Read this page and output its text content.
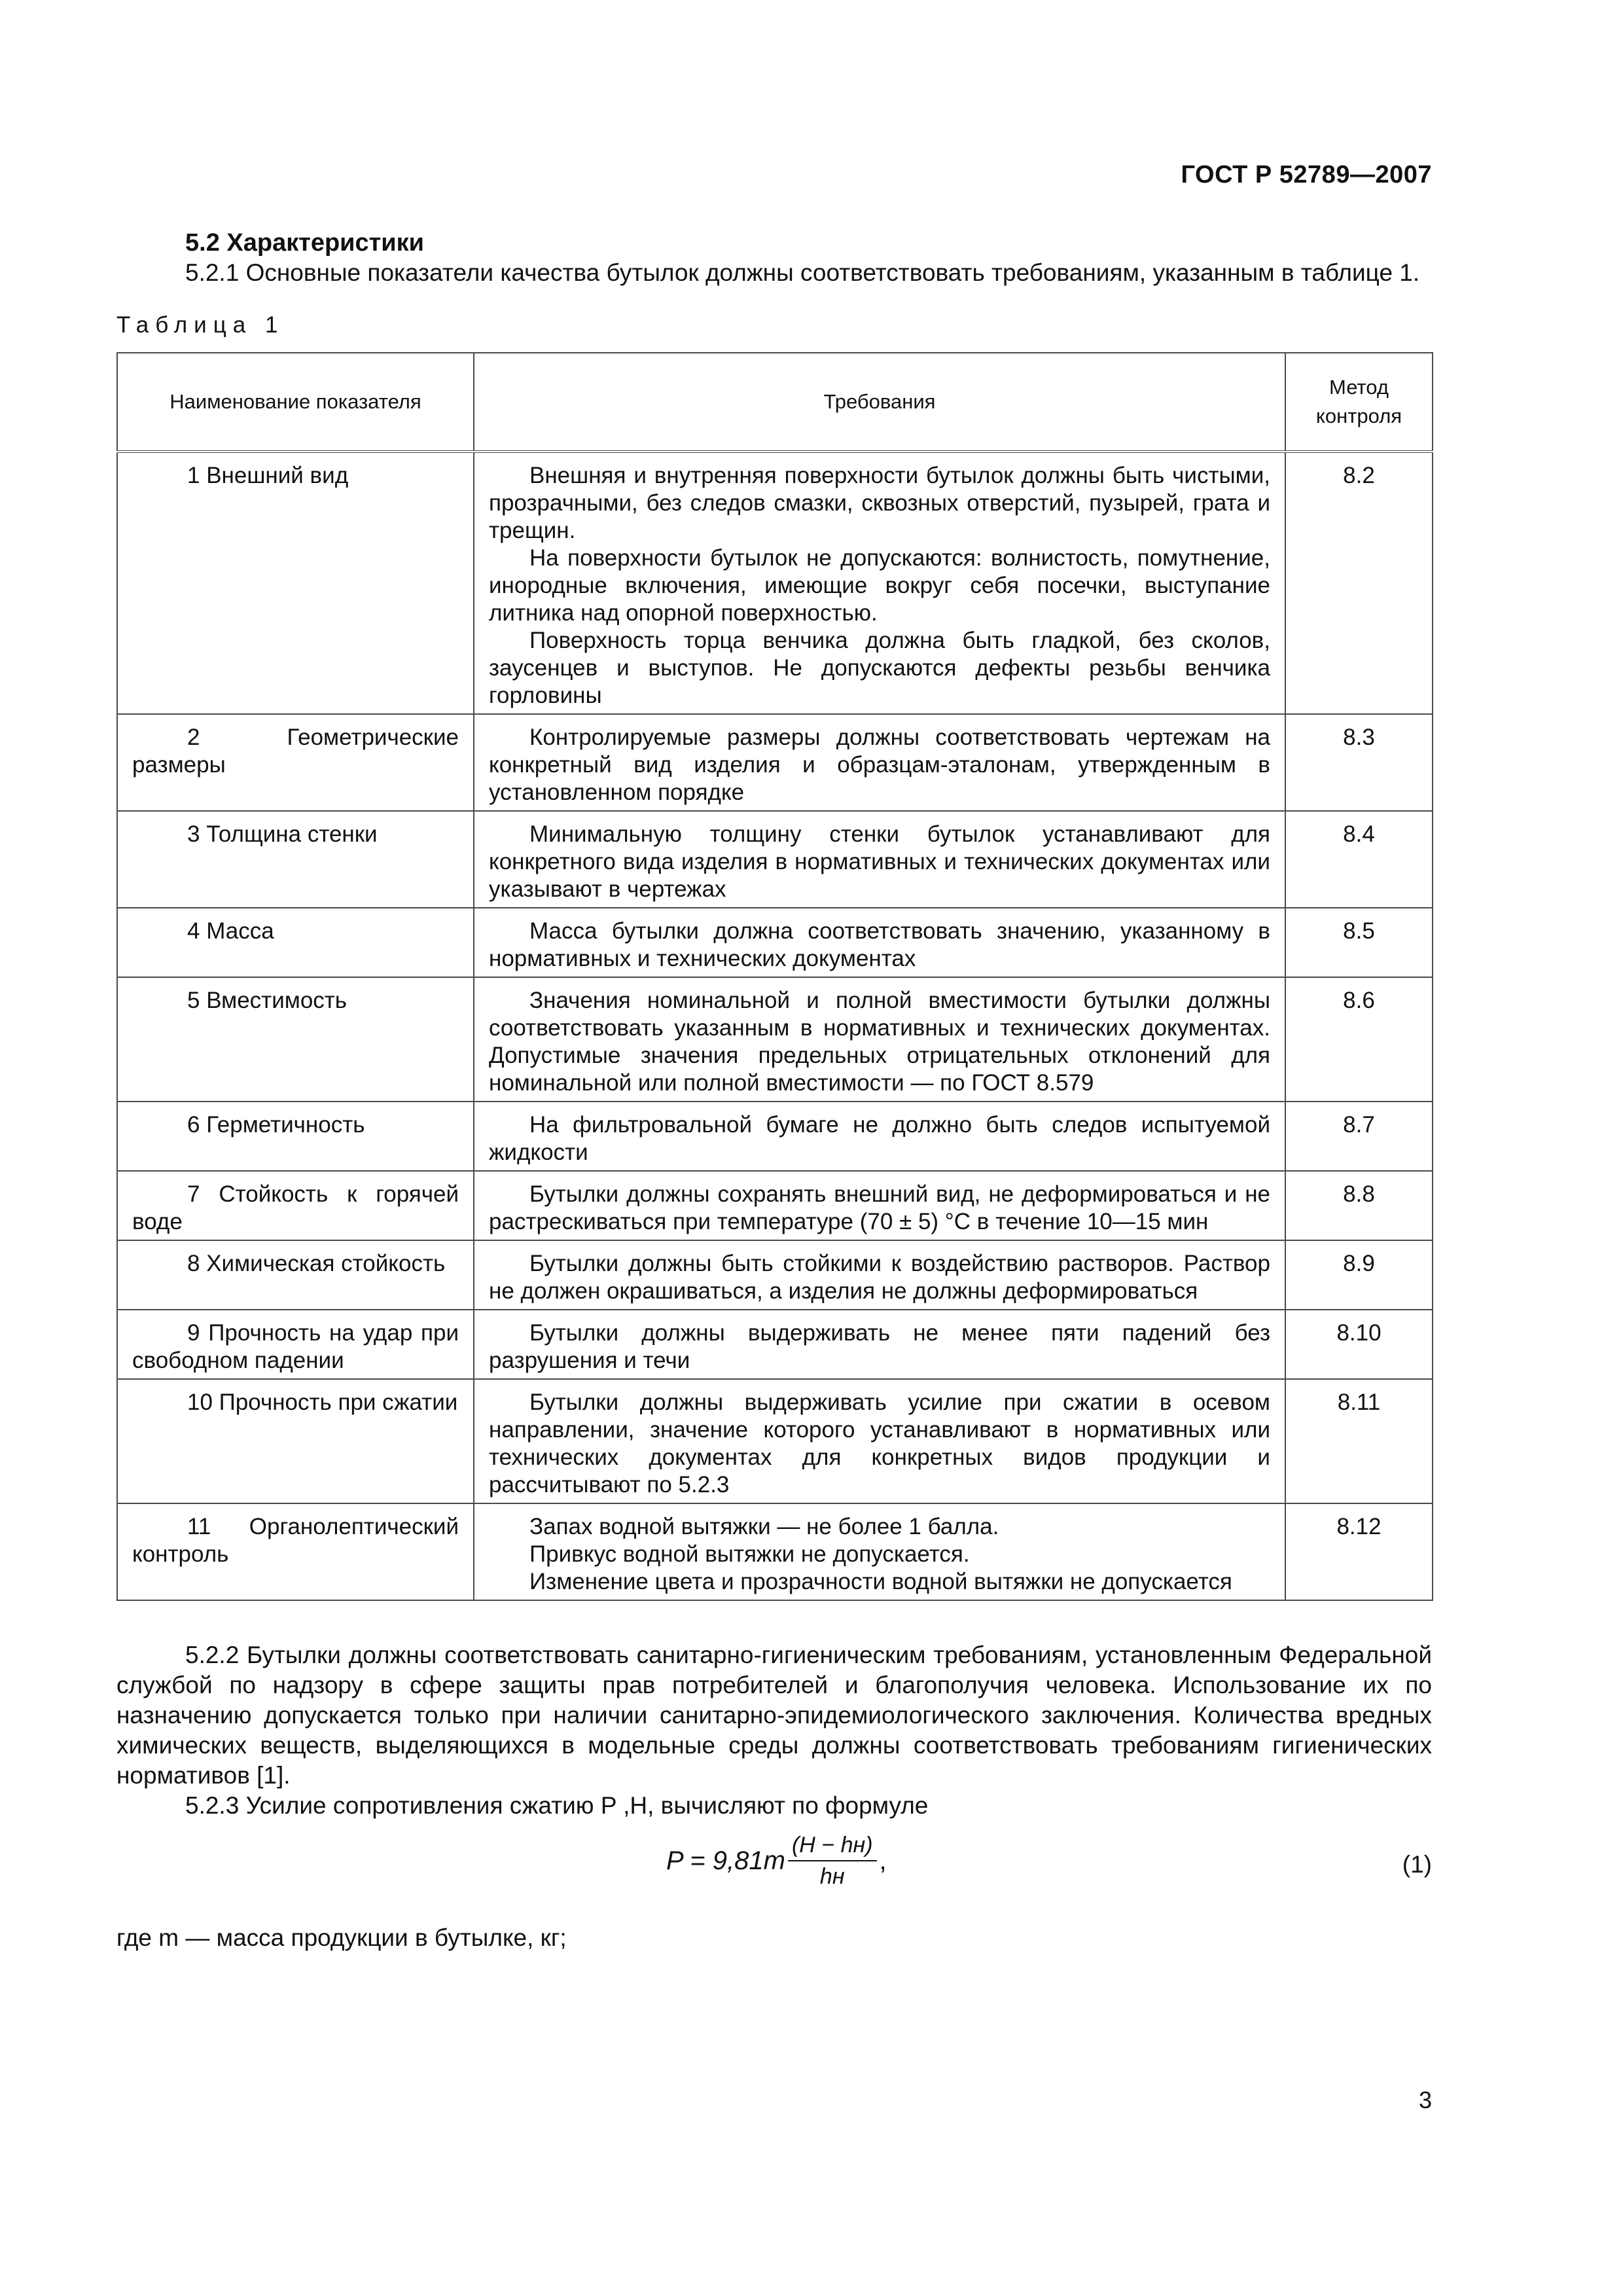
ГОСТ Р 52789—2007
5.2 Характеристики
5.2.1 Основные показатели качества бутылок должны соответствовать требованиям, указанным в таблице 1.
Таблица 1
Наименование показателя	Требования	Метод контроля
1 Внешний вид	Внешняя и внутренняя поверхности бутылок должны быть чистыми, прозрачными, без следов смазки, сквозных отверстий, пузырей, грата и трещин.

На поверхности бутылок не допускаются: волнистость, помутнение, инородные включения, имеющие вокруг себя посечки, выступание литника над опорной поверхностью.

Поверхность торца венчика должна быть гладкой, без сколов, заусенцев и выступов. Не допускаются дефекты резьбы венчика горловины	8.2
2 Геометрические размеры	Контролируемые размеры должны соответствовать чертежам на конкретный вид изделия и образцам-эталонам, утвержденным в установленном порядке	8.3
3 Толщина стенки	Минимальную толщину стенки бутылок устанавливают для конкретного вида изделия в нормативных и технических документах или указывают в чертежах	8.4
4 Масса	Масса бутылки должна соответствовать значению, указанному в нормативных и технических документах	8.5
5 Вместимость	Значения номинальной и полной вместимости бутылки должны соответствовать указанным в нормативных и технических документах. Допустимые значения предельных отрицательных отклонений для номинальной или полной вместимости — по ГОСТ 8.579	8.6
6 Герметичность	На фильтровальной бумаге не должно быть следов испытуемой жидкости	8.7
7 Стойкость к горячей воде	Бутылки должны сохранять внешний вид, не деформироваться и не растрескиваться при температуре (70 ± 5) °С в течение 10—15 мин	8.8
8 Химическая стойкость	Бутылки должны быть стойкими к воздействию растворов. Раствор не должен окрашиваться, а изделия не должны деформироваться	8.9
9 Прочность на удар при свободном падении	Бутылки должны выдерживать не менее пяти падений без разрушения и течи	8.10
10 Прочность при сжатии	Бутылки должны выдерживать усилие при сжатии в осевом направлении, значение которого устанавливают в нормативных или технических документах для конкретных видов продукции и рассчитывают по 5.2.3	8.11
11 Органолептический контроль	Запах водной вытяжки — не более 1 балла.

Привкус водной вытяжки не допускается.

Изменение цвета и прозрачности водной вытяжки не допускается	8.12
5.2.2 Бутылки должны соответствовать санитарно-гигиеническим требованиям, установленным Федеральной службой по надзору в сфере защиты прав потребителей и благополучия человека. Использование их по назначению допускается только при наличии санитарно-эпидемиологического заключения. Количества вредных химических веществ, выделяющихся в модельные среды должны соответствовать требованиям гигиенических нормативов [1].
5.2.3 Усилие сопротивления сжатию P ,Н, вычисляют по формуле
$P = 9,81m \frac{(H - hн)}{hн}$ ,	(1)
где m — масса продукции в бутылке, кг;
3
